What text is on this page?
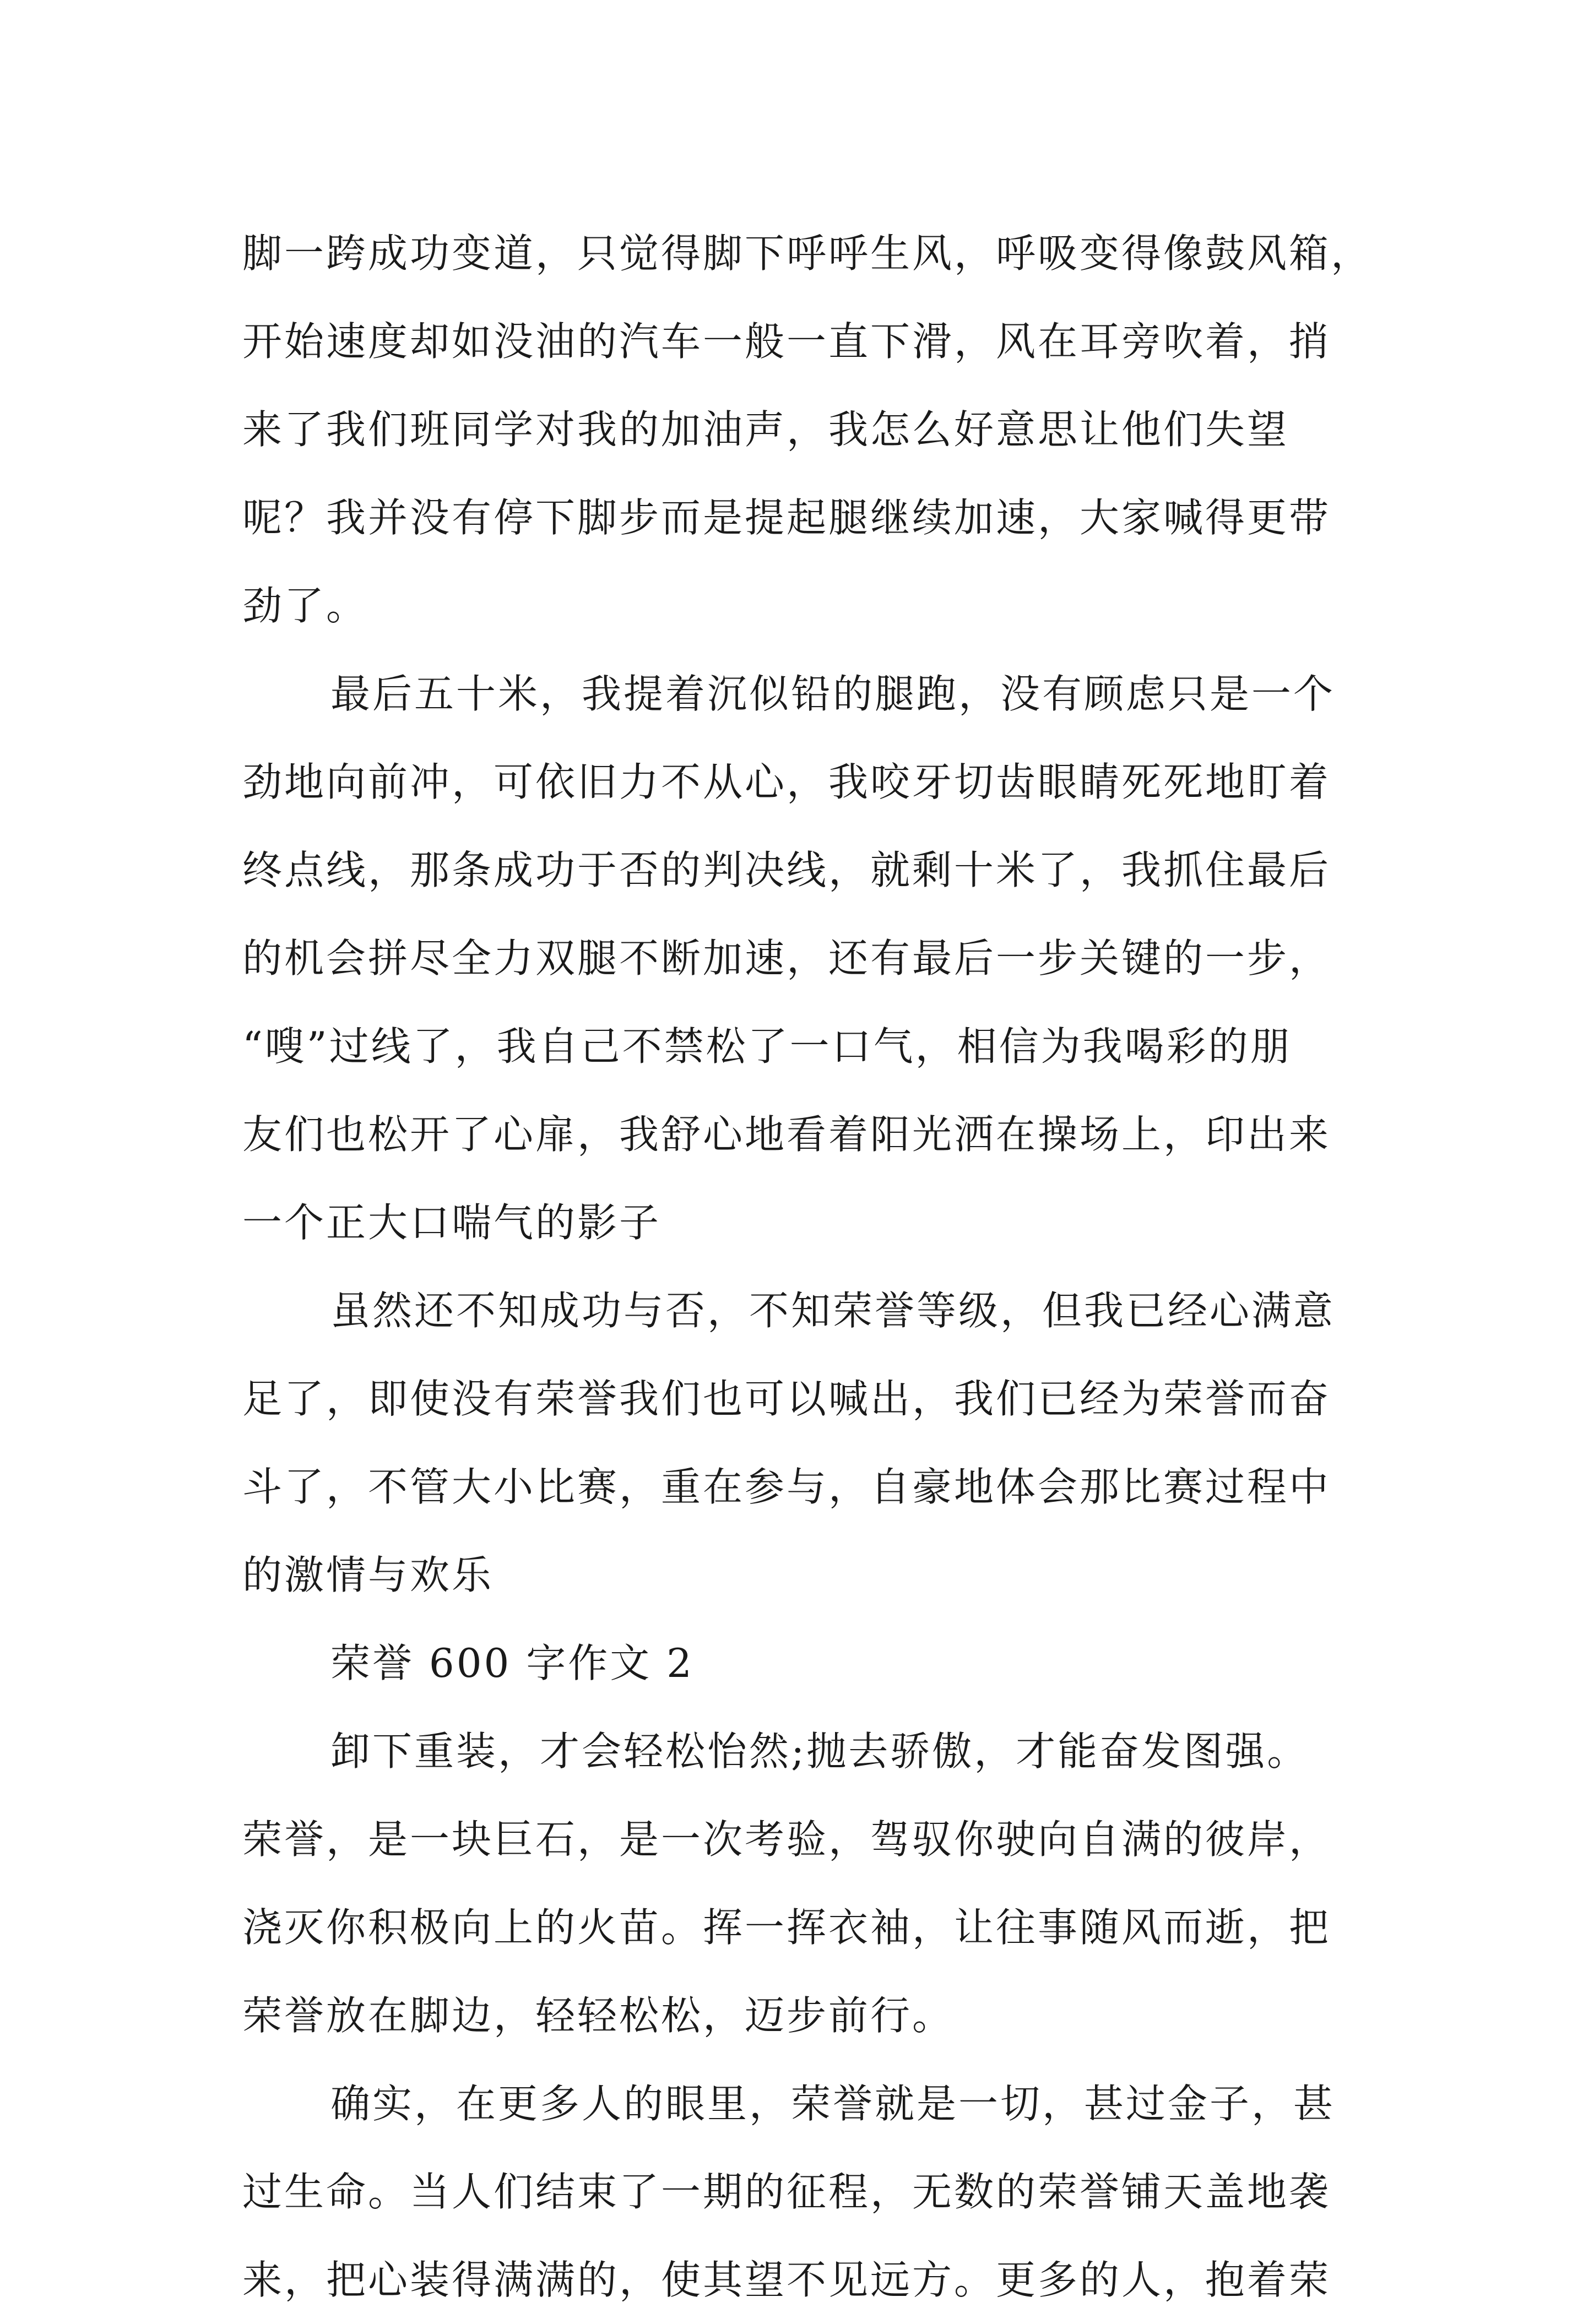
脚一跨成功变道，只觉得脚下呼呼生风，呼吸变得像鼓风箱，
开始速度却如没油的汽车一般一直下滑，风在耳旁吹着，捎
来了我们班同学对我的加油声，我怎么好意思让他们失望
呢？我并没有停下脚步而是提起腿继续加速，大家喊得更带
劲了。
最后五十米，我提着沉似铅的腿跑，没有顾虑只是一个
劲地向前冲，可依旧力不从心，我咬牙切齿眼睛死死地盯着
终点线，那条成功于否的判决线，就剩十米了，我抓住最后
的机会拼尽全力双腿不断加速，还有最后一步关键的一步，
“嗖”过线了，我自己不禁松了一口气，相信为我喝彩的朋
友们也松开了心扉，我舒心地看着阳光洒在操场上，印出来
一个正大口喘气的影子
虽然还不知成功与否，不知荣誉等级，但我已经心满意
足了，即使没有荣誉我们也可以喊出，我们已经为荣誉而奋
斗了，不管大小比赛，重在参与，自豪地体会那比赛过程中
的激情与欢乐
荣誉 600 字作文 2
卸下重装，才会轻松怡然;抛去骄傲，才能奋发图强。
荣誉，是一块巨石，是一次考验，驾驭你驶向自满的彼岸，
浇灭你积极向上的火苗。挥一挥衣袖，让往事随风而逝，把
荣誉放在脚边，轻轻松松，迈步前行。
确实，在更多人的眼里，荣誉就是一切，甚过金子，甚
过生命。当人们结束了一期的征程，无数的荣誉铺天盖地袭
来，把心装得满满的，使其望不见远方。更多的人，抱着荣
